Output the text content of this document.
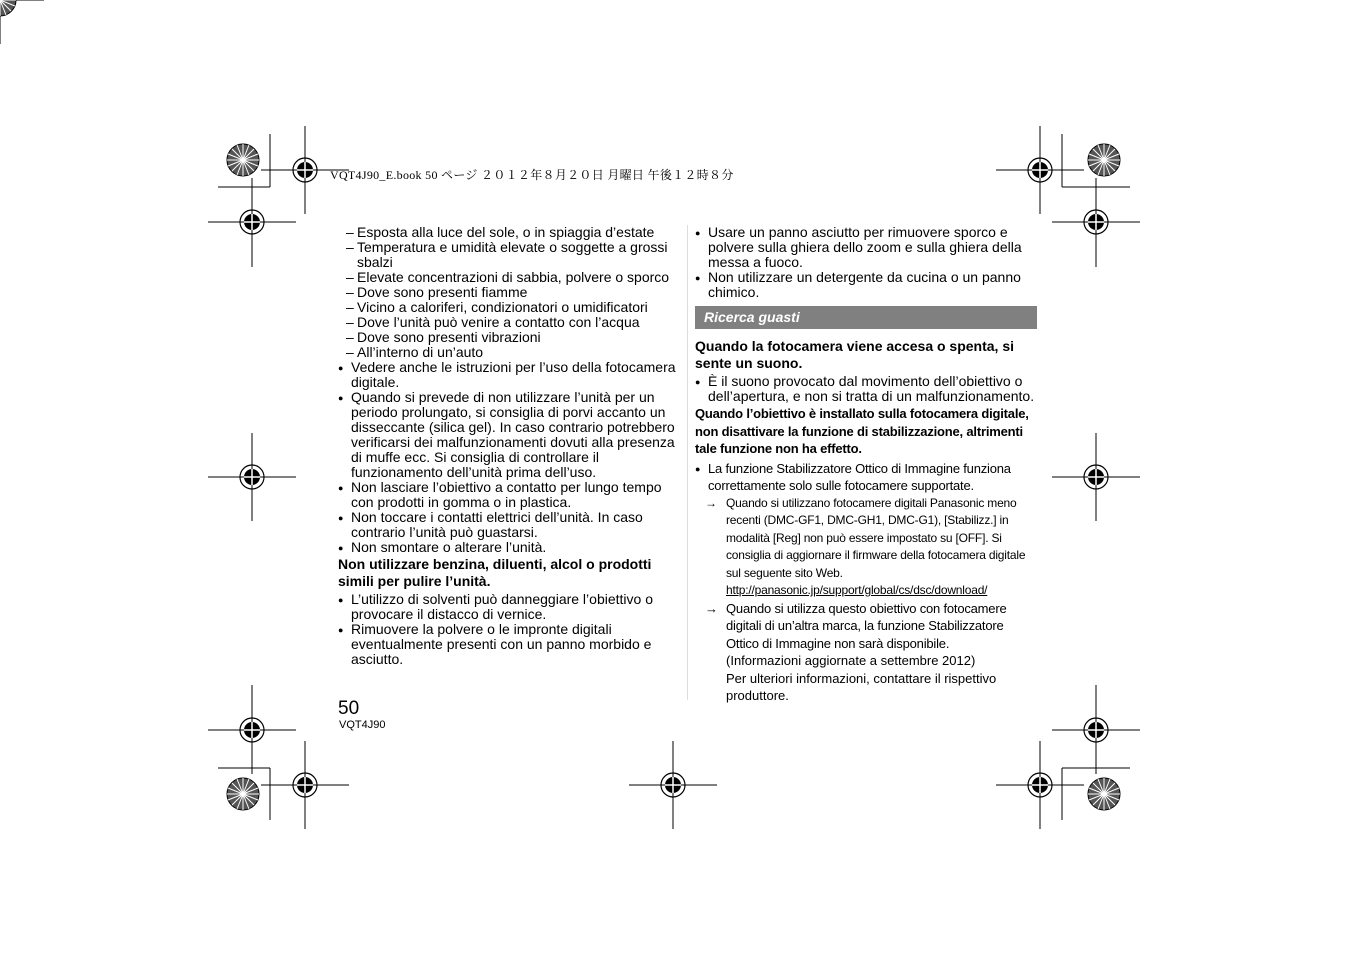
VQT4J90_E.book 50 ページ ２０１２年８月２０日 月曜日 午後１２時８分
– Esposta alla luce del sole, o in spiaggia d’estate
– Temperatura e umidità elevate o soggette a grossi sbalzi
– Elevate concentrazioni di sabbia, polvere o sporco
– Dove sono presenti fiamme
– Vicino a caloriferi, condizionatori o umidificatori
– Dove l’unità può venire a contatto con l’acqua
– Dove sono presenti vibrazioni
– All’interno di un’auto
● Vedere anche le istruzioni per l’uso della fotocamera digitale.
● Quando si prevede di non utilizzare l’unità per un periodo prolungato, si consiglia di porvi accanto un disseccante (silica gel). In caso contrario potrebbero verificarsi dei malfunzionamenti dovuti alla presenza di muffe ecc. Si consiglia di controllare il funzionamento dell’unità prima dell’uso.
● Non lasciare l’obiettivo a contatto per lungo tempo con prodotti in gomma o in plastica.
● Non toccare i contatti elettrici dell’unità. In caso contrario l’unità può guastarsi.
● Non smontare o alterare l’unità.
Non utilizzare benzina, diluenti, alcol o prodotti simili per pulire l’unità.
● L’utilizzo di solventi può danneggiare l’obiettivo o provocare il distacco di vernice.
● Rimuovere la polvere o le impronte digitali eventualmente presenti con un panno morbido e asciutto.
● Usare un panno asciutto per rimuovere sporco e polvere sulla ghiera dello zoom e sulla ghiera della messa a fuoco.
● Non utilizzare un detergente da cucina o un panno chimico.
Ricerca guasti
Quando la fotocamera viene accesa o spenta, si sente un suono.
● È il suono provocato dal movimento dell’obiettivo o dell’apertura, e non si tratta di un malfunzionamento.
Quando l’obiettivo è installato sulla fotocamera digitale, non disattivare la funzione di stabilizzazione, altrimenti tale funzione non ha effetto.
● La funzione Stabilizzatore Ottico di Immagine funziona correttamente solo sulle fotocamere supportate.
→ Quando si utilizzano fotocamere digitali Panasonic meno recenti (DMC-GF1, DMC-GH1, DMC-G1), [Stabilizz.] in modalità [Reg] non può essere impostato su [OFF]. Si consiglia di aggiornare il firmware della fotocamera digitale sul seguente sito Web.
http://panasonic.jp/support/global/cs/dsc/download/
→ Quando si utilizza questo obiettivo con fotocamere digitali di un’altra marca, la funzione Stabilizzatore Ottico di Immagine non sarà disponibile.
(Informazioni aggiornate a settembre 2012)
Per ulteriori informazioni, contattare il rispettivo produttore.
50
VQT4J90
